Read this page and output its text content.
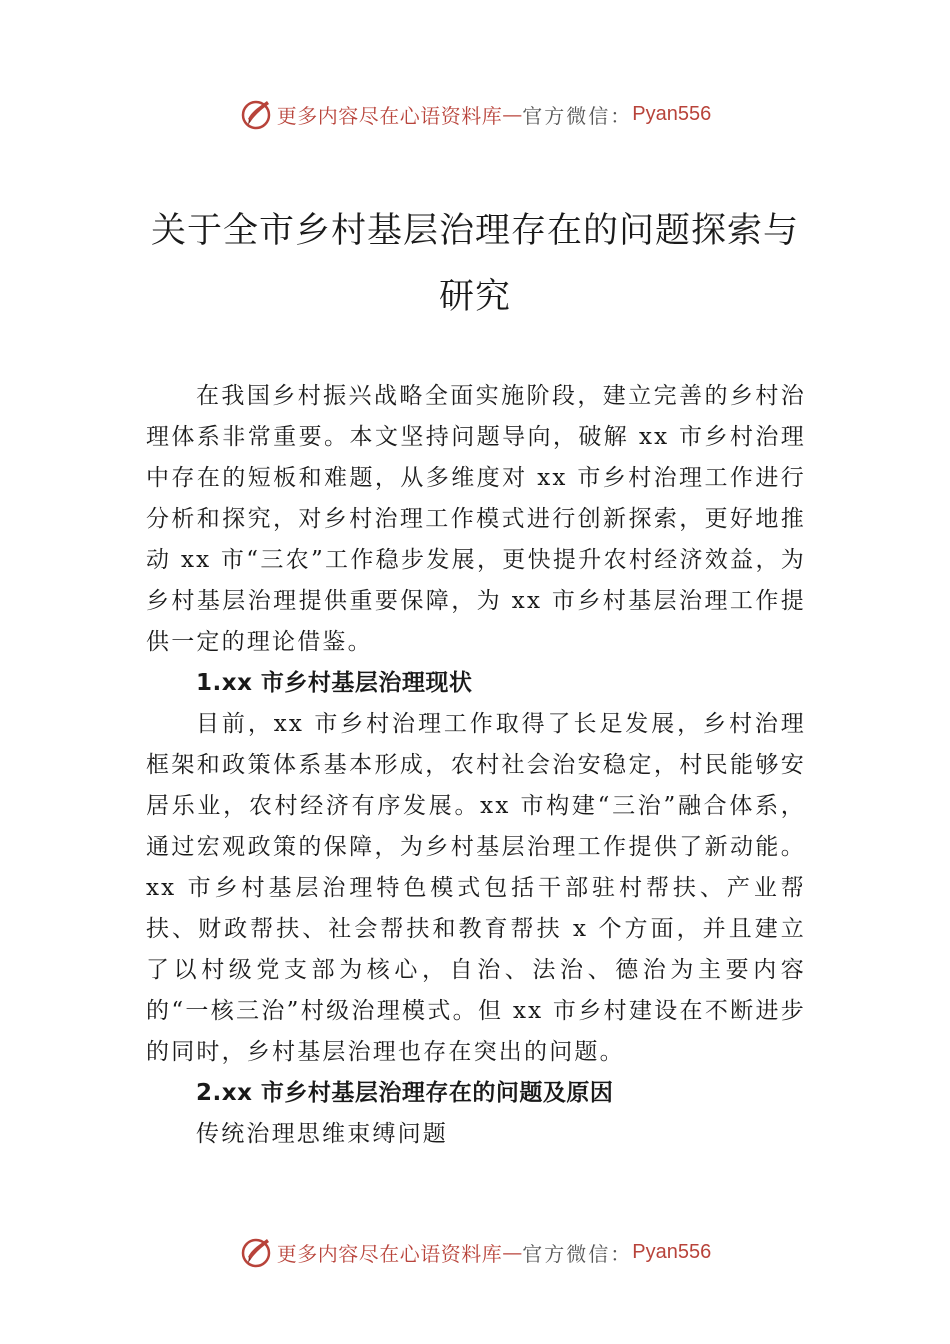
更多内容尽在心语资料库 — 官方微信： Pyan556
关于全市乡村基层治理存在的问题探索与
研究

在我国乡村振兴战略全面实施阶段，建立完善的乡村治理体系非常重要。本文坚持问题导向，破解 xx 市乡村治理中存在的短板和难题，从多维度对 xx 市乡村治理工作进行分析和探究，对乡村治理工作模式进行创新探索，更好地推动 xx 市“三农”工作稳步发展，更快提升农村经济效益，为乡村基层治理提供重要保障，为 xx 市乡村基层治理工作提供一定的理论借鉴。

1.xx 市乡村基层治理现状

目前，xx 市乡村治理工作取得了长足发展，乡村治理框架和政策体系基本形成，农村社会治安稳定，村民能够安居乐业，农村经济有序发展。xx 市构建“三治”融合体系，通过宏观政策的保障，为乡村基层治理工作提供了新动能。xx 市乡村基层治理特色模式包括干部驻村帮扶、产业帮扶、财政帮扶、社会帮扶和教育帮扶 x 个方面，并且建立了以村级党支部为核心，自治、法治、德治为主要内容的“一核三治”村级治理模式。但 xx 市乡村建设在不断进步的同时，乡村基层治理也存在突出的问题。

2.xx 市乡村基层治理存在的问题及原因

传统治理思维束缚问题

更多内容尽在心语资料库 — 官方微信： Pyan556
